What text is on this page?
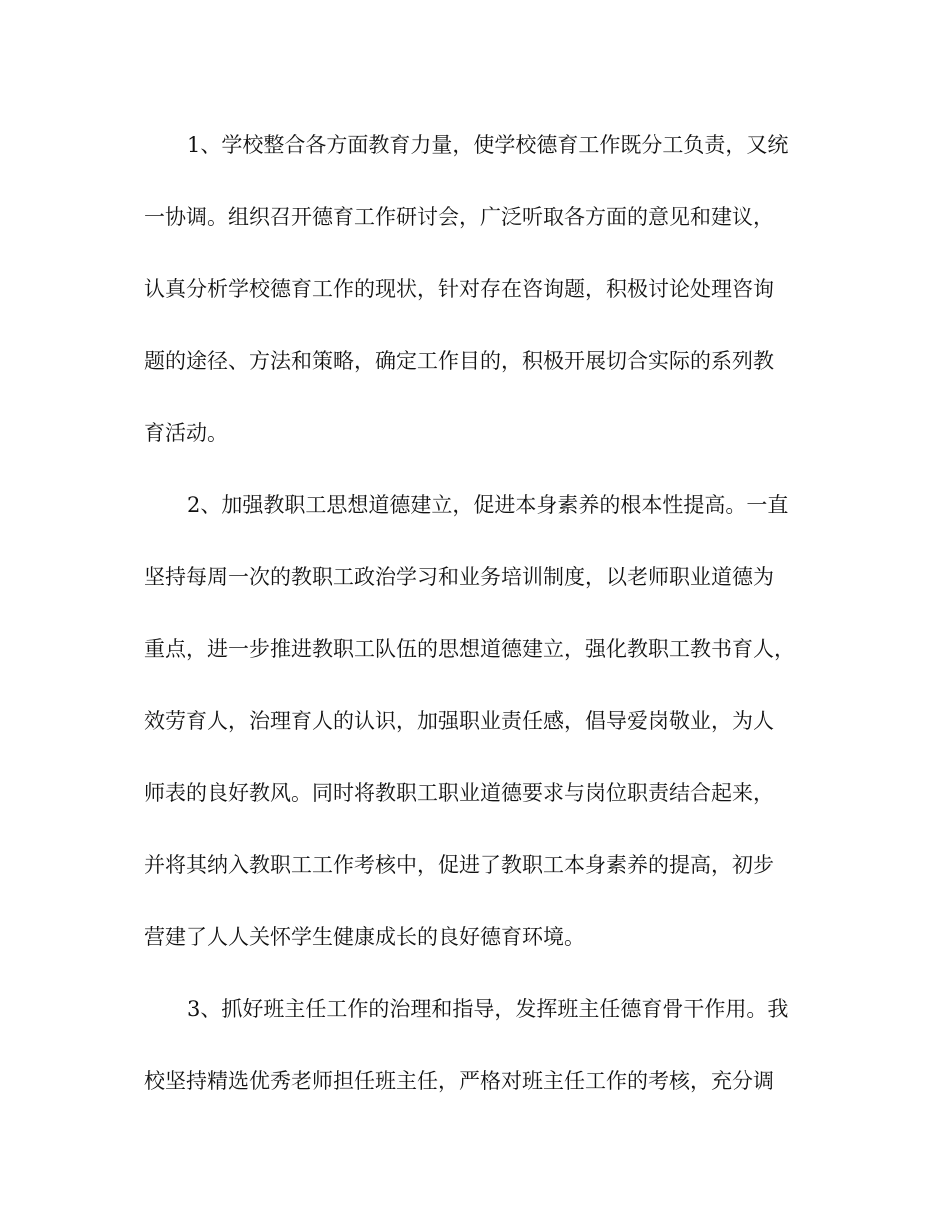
1、学校整合各方面教育力量，使学校德育工作既分工负责，又统
一协调。组织召开德育工作研讨会，广泛听取各方面的意见和建议，
认真分析学校德育工作的现状，针对存在咨询题，积极讨论处理咨询
题的途径、方法和策略，确定工作目的，积极开展切合实际的系列教
育活动。
2、加强教职工思想道德建立，促进本身素养的根本性提高。一直
坚持每周一次的教职工政治学习和业务培训制度，以老师职业道德为
重点，进一步推进教职工队伍的思想道德建立，强化教职工教书育人，
效劳育人，治理育人的认识，加强职业责任感，倡导爱岗敬业，为人
师表的良好教风。同时将教职工职业道德要求与岗位职责结合起来，
并将其纳入教职工工作考核中，促进了教职工本身素养的提高，初步
营建了人人关怀学生健康成长的良好德育环境。
3、抓好班主任工作的治理和指导，发挥班主任德育骨干作用。我
校坚持精选优秀老师担任班主任，严格对班主任工作的考核，充分调
